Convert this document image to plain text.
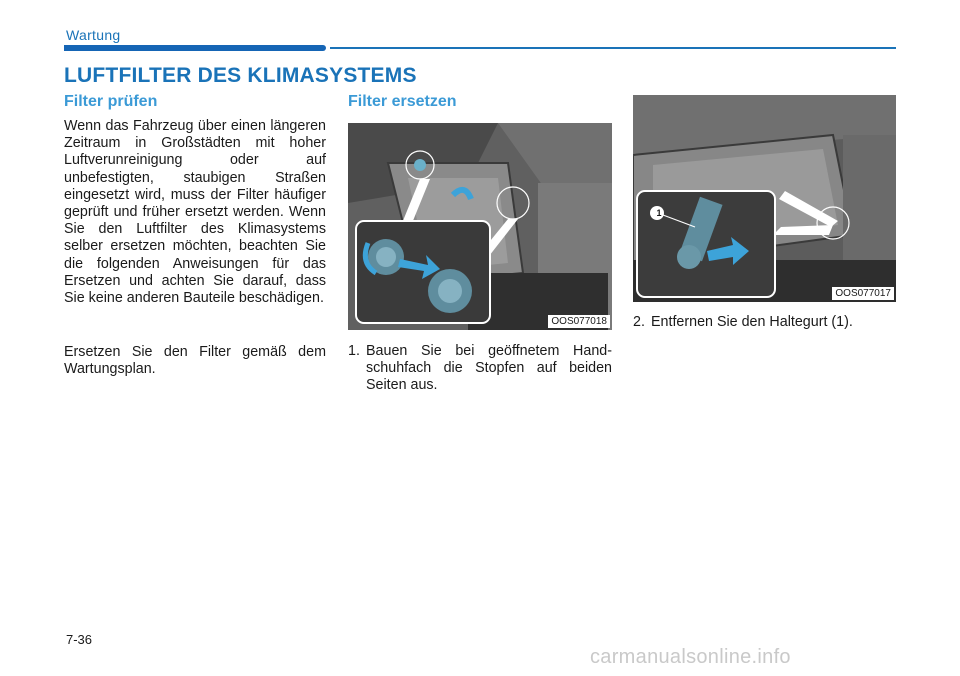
Wartung
LUFTFILTER DES KLIMASYSTEMS
Filter prüfen

Wenn das Fahrzeug über einen längeren Zeitraum in Großstädten mit hoher Luftverunreinigung oder auf unbefestigten, staubigen Straßen eingesetzt wird, muss der Filter häufiger geprüft und früher ersetzt werden. Wenn Sie den Luftfilter des Klimasystems selber ersetzen möchten, beachten Sie die folgenden Anweisungen für das Ersetzen und achten Sie darauf, dass Sie keine anderen Bauteile beschädigen.

Ersetzen Sie den Filter gemäß dem Wartungsplan.

Filter ersetzen
OOS077018
1. Bauen Sie bei geöffnetem Hand-schuhfach die Stopfen auf beiden Seiten aus.
1
OOS077017
2. Entfernen Sie den Haltegurt (1).
7-36
carmanualsonline.info
